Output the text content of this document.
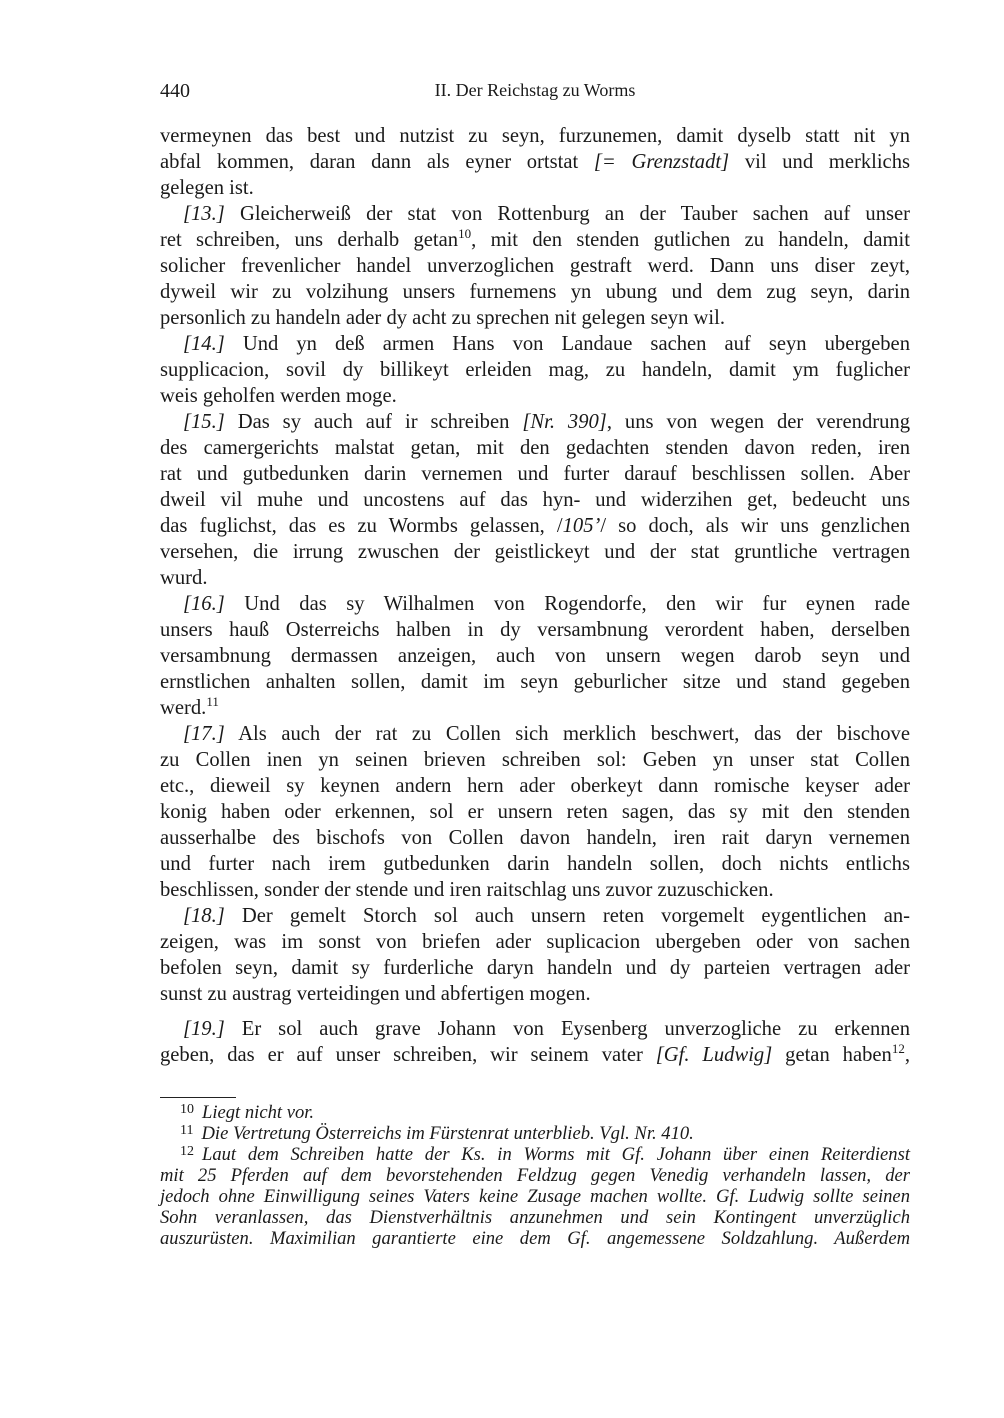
440	II. Der Reichstag zu Worms
vermeynen das best und nutzist zu seyn, furzunemen, damit dyselb statt nit yn
abfal kommen, daran dann als eyner ortstat [= Grenzstadt] vil und merklichs
gelegen ist.
[13.] Gleicherweiß der stat von Rottenburg an der Tauber sachen auf unser
ret schreiben, uns derhalb getan$^{10}$, mit den stenden gutlichen zu handeln, damit
solicher frevenlicher handel unverzoglichen gestraft werd. Dann uns diser zeyt,
dyweil wir zu volzihung unsers furnemens yn ubung und dem zug seyn, darin
personlich zu handeln ader dy acht zu sprechen nit gelegen seyn wil.
[14.] Und yn deß armen Hans von Landaue sachen auf seyn ubergeben
supplicacion, sovil dy billikeyt erleiden mag, zu handeln, damit ym fuglicher
weis geholfen werden moge.
[15.] Das sy auch auf ir schreiben [Nr. 390], uns von wegen der verendrung
des camergerichts malstat getan, mit den gedachten stenden davon reden, iren
rat und gutbedunken darin vernemen und furter darauf beschlissen sollen. Aber
dweil vil muhe und uncostens auf das hyn- und widerzihen get, bedeucht uns
das fuglichst, das es zu Wormbs gelassen, /105’/ so doch, als wir uns genzlichen
versehen, die irrung zwuschen der geistlickeyt und der stat gruntliche vertragen
wurd.
[16.] Und das sy Wilhalmen von Rogendorfe, den wir fur eynen rade
unsers hauß Osterreichs halben in dy versambnung verordent haben, derselben
versambnung dermassen anzeigen, auch von unsern wegen darob seyn und
ernstlichen anhalten sollen, damit im seyn geburlicher sitze und stand gegeben
werd.$^{11}$
[17.] Als auch der rat zu Collen sich merklich beschwert, das der bischove
zu Collen inen yn seinen brieven schreiben sol: Geben yn unser stat Collen
etc., dieweil sy keynen andern hern ader oberkeyt dann romische keyser ader
konig haben oder erkennen, sol er unsern reten sagen, das sy mit den stenden
ausserhalbe des bischofs von Collen davon handeln, iren rait daryn vernemen
und furter nach irem gutbedunken darin handeln sollen, doch nichts entlichs
beschlissen, sonder der stende und iren raitschlag uns zuvor zuzuschicken.
[18.] Der gemelt Storch sol auch unsern reten vorgemelt eygentlichen an-
zeigen, was im sonst von briefen ader suplicacion ubergeben oder von sachen
befolen seyn, damit sy furderliche daryn handeln und dy parteien vertragen ader
sunst zu austrag verteidingen und abfertigen mogen.
[19.] Er sol auch grave Johann von Eysenberg unverzogliche zu erkennen
geben, das er auf unser schreiben, wir seinem vater [Gf. Ludwig] getan haben$^{12}$,
$^{10}$ Liegt nicht vor.
$^{11}$ Die Vertretung Österreichs im Fürstenrat unterblieb. Vgl. Nr. 410.
$^{12}$ Laut dem Schreiben hatte der Ks. in Worms mit Gf. Johann über einen Reiterdienst
mit 25 Pferden auf dem bevorstehenden Feldzug gegen Venedig verhandeln lassen, der
jedoch ohne Einwilligung seines Vaters keine Zusage machen wollte. Gf. Ludwig sollte seinen
Sohn veranlassen, das Dienstverhältnis anzunehmen und sein Kontingent unverzüglich
auszurüsten. Maximilian garantierte eine dem Gf. angemessene Soldzahlung. Außerdem
